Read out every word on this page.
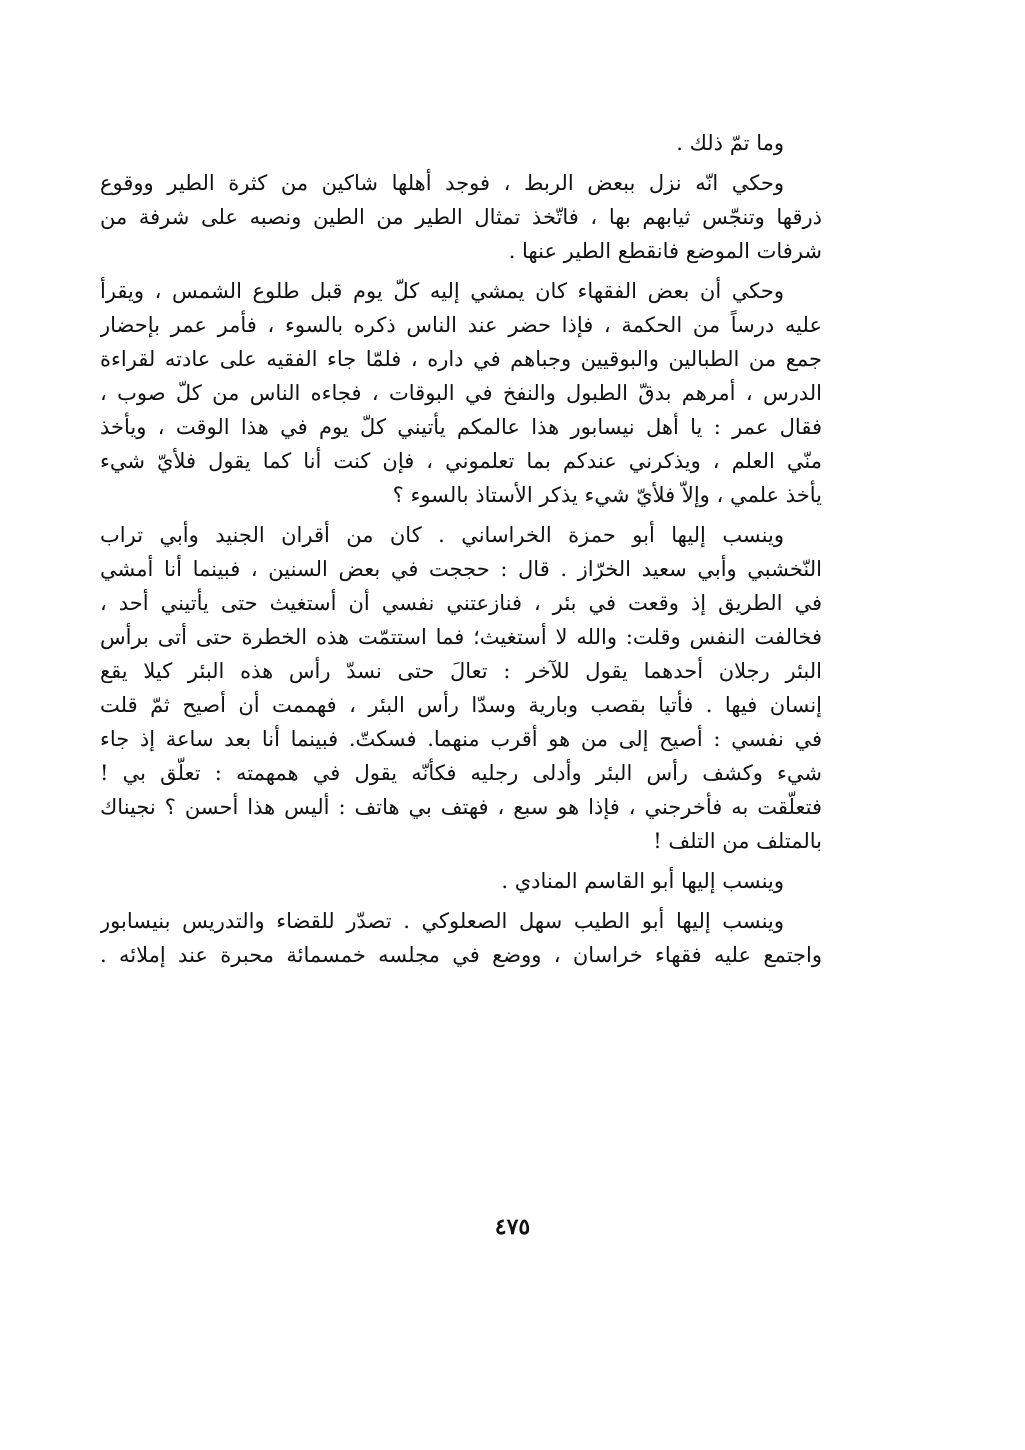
وما تمّ ذلك .

وحكي انّه نزل ببعض الربط ، فوجد أهلها شاكين من كثرة الطير ووقوع

ذرقها وتنجّس ثيابهم بها ، فاتّخذ تمثال الطير من الطين ونصبه على شرفة من

شرفات الموضع فانقطع الطير عنها .

وحكي أن بعض الفقهاء كان يمشي إليه كلّ يوم قبل طلوع الشمس ، ويقرأ

عليه درساً من الحكمة ، فإذا حضر عند الناس ذكره بالسوء ، فأمر عمر بإحضار

جمع من الطبالين والبوقيين وجباهم في داره ، فلمّا جاء الفقيه على عادته لقراءة

الدرس ، أمرهم بدقّ الطبول والنفخ في البوقات ، فجاءه الناس من كلّ صوب ،

فقال عمر : يا أهل نيسابور هذا عالمكم يأتيني كلّ يوم في هذا الوقت ، ويأخذ

منّي العلم ، ويذكرني عندكم بما تعلموني ، فإن كنت أنا كما يقول فلأيّ شيء

يأخذ علمي ، وإلاّ فلأيّ شيء يذكر الأستاذ بالسوء ؟

وينسب إليها أبو حمزة الخراساني . كان من أقران الجنيد وأبي تراب

النّخشبي وأبي سعيد الخرّاز . قال : حججت في بعض السنين ، فبينما أنا أمشي

في الطريق إذ وقعت في بئر ، فنازعتني نفسي أن أستغيث حتى يأتيني أحد ،

فخالفت النفس وقلت: والله لا أستغيث؛ فما استتمّت هذه الخطرة حتى أتى برأس

البئر رجلان أحدهما يقول للآخر : تعالَ حتى نسدّ رأس هذه البئر كيلا يقع

إنسان فيها . فأتيا بقصب وبارية وسدّا رأس البئر ، فهممت أن أصيح ثمّ قلت

في نفسي : أصيح إلى من هو أقرب منهما. فسكتّ. فبينما أنا بعد ساعة إذ جاء

شيء وكشف رأس البئر وأدلى رجليه فكأنّه يقول في همهمته : تعلّق بي !

فتعلّقت به فأخرجني ، فإذا هو سبع ، فهتف بي هاتف : أليس هذا أحسن ؟ نجيناك

بالمتلف من التلف !

وينسب إليها أبو القاسم المنادي .

وينسب إليها أبو الطيب سهل الصعلوكي . تصدّر للقضاء والتدريس بنيسابور

واجتمع عليه فقهاء خراسان ، ووضع في مجلسه خمسمائة محبرة عند إملائه .

٤٧٥
